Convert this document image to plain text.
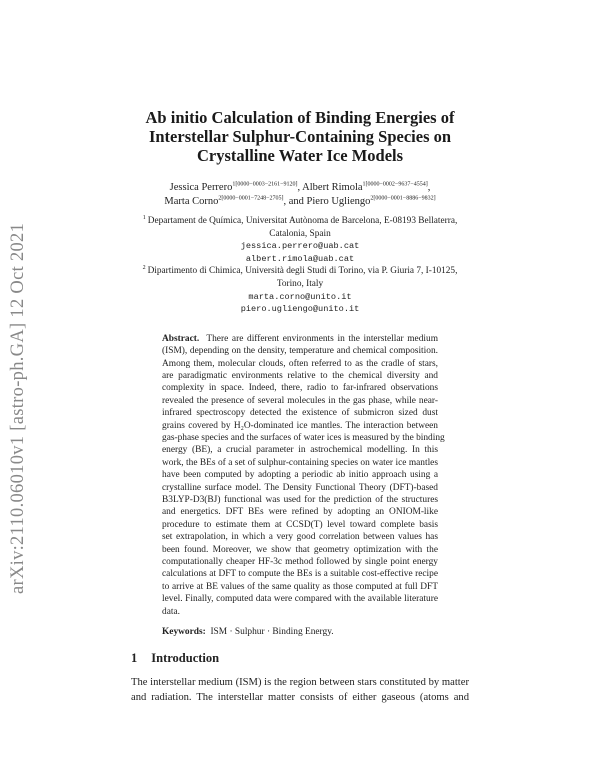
arXiv:2110.06010v1 [astro-ph.GA] 12 Oct 2021
Ab initio Calculation of Binding Energies of
Interstellar Sulphur-Containing Species on
Crystalline Water Ice Models
Jessica Perrero$^{1[0000-0003-2161-9120]}$, Albert Rimola$^{1[0000-0002-9637-4554]}$,
Marta Corno$^{2[0000-0001-7248-2705]}$, and Piero Ugliengo$^{2[0000-0001-8886-9832]}$
$^1$ Departament de Química, Universitat Autònoma de Barcelona, E-08193 Bellaterra,
Catalonia, Spain
jessica.perrero@uab.cat
albert.rimola@uab.cat
$^2$ Dipartimento di Chimica, Università degli Studi di Torino, via P. Giuria 7, I-10125,
Torino, Italy
marta.corno@unito.it
piero.ugliengo@unito.it
Abstract. There are different environments in the interstellar medium
(ISM), depending on the density, temperature and chemical composition.
Among them, molecular clouds, often referred to as the cradle of stars,
are paradigmatic environments relative to the chemical diversity and
complexity in space. Indeed, there, radio to far-infrared observations
revealed the presence of several molecules in the gas phase, while near-
infrared spectroscopy detected the existence of submicron sized dust
grains covered by H₂O-dominated ice mantles. The interaction between
gas-phase species and the surfaces of water ices is measured by the binding
energy (BE), a crucial parameter in astrochemical modelling. In this
work, the BEs of a set of sulphur-containing species on water ice mantles
have been computed by adopting a periodic ab initio approach using a
crystalline surface model. The Density Functional Theory (DFT)-based
B3LYP-D3(BJ) functional was used for the prediction of the structures
and energetics. DFT BEs were refined by adopting an ONIOM-like
procedure to estimate them at CCSD(T) level toward complete basis
set extrapolation, in which a very good correlation between values has
been found. Moreover, we show that geometry optimization with the
computationally cheaper HF-3c method followed by single point energy
calculations at DFT to compute the BEs is a suitable cost-effective recipe
to arrive at BE values of the same quality as those computed at full DFT
level. Finally, computed data were compared with the available literature
data.
Keywords: ISM · Sulphur · Binding Energy.
1 Introduction
The interstellar medium (ISM) is the region between stars constituted by matter
and radiation. The interstellar matter consists of either gaseous (atoms and
